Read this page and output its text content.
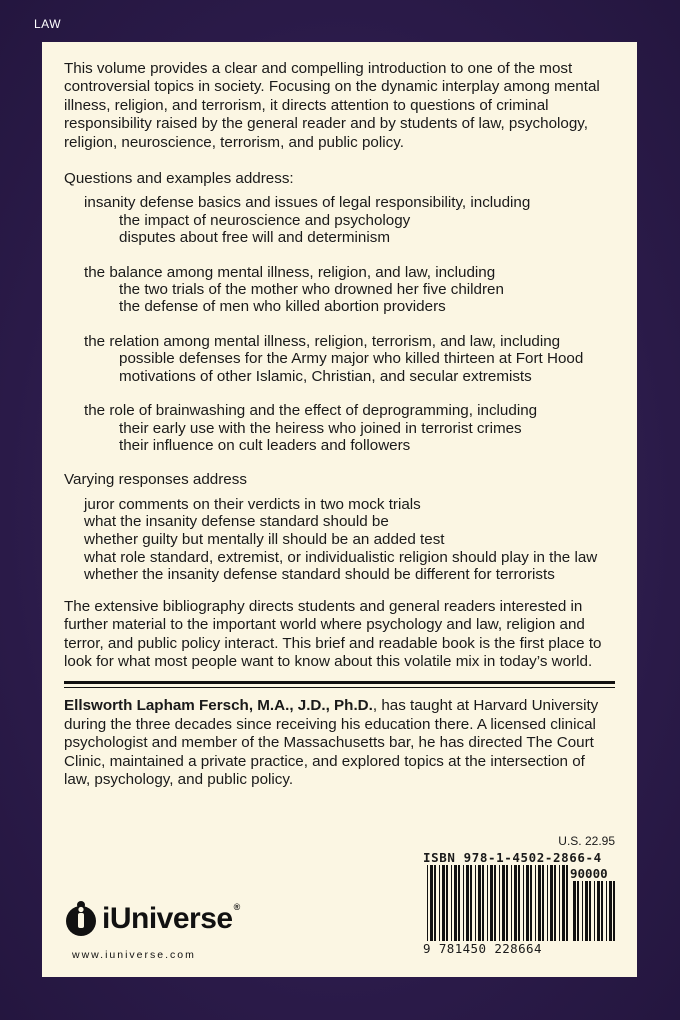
LAW

This volume provides a clear and compelling introduction to one of the most controversial topics in society. Focusing on the dynamic interplay among mental illness, religion, and terrorism, it directs attention to questions of criminal responsibility raised by the general reader and by students of law, psychology, religion, neuroscience, terrorism, and public policy.

Questions and examples address:

insanity defense basics and issues of legal responsibility, including
the impact of neuroscience and psychology
disputes about free will and determinism
the balance among mental illness, religion, and law, including
the two trials of the mother who drowned her five children
the defense of men who killed abortion providers
the relation among mental illness, religion, terrorism, and law, including
possible defenses for the Army major who killed thirteen at Fort Hood
motivations of other Islamic, Christian, and secular extremists
the role of brainwashing and the effect of deprogramming, including
their early use with the heiress who joined in terrorist crimes
their influence on cult leaders and followers

Varying responses address

juror comments on their verdicts in two mock trials
what the insanity defense standard should be
whether guilty but mentally ill should be an added test
what role standard, extremist, or individualistic religion should play in the law
whether the insanity defense standard should be different for terrorists

The extensive bibliography directs students and general readers interested in further material to the important world where psychology and law, religion and terror, and public policy interact. This brief and readable book is the first place to look for what most people want to know about this volatile mix in today’s world.

Ellsworth Lapham Fersch, M.A., J.D., Ph.D., has taught at Harvard University during the three decades since receiving his education there. A licensed clinical psychologist and member of the Massachusetts bar, he has directed The Court Clinic, maintained a private practice, and explored topics at the intersection of law, psychology, and public policy.

U.S. 22.95
ISBN 978-1-4502-2866-4
90000
9 781450 228664
iUniverse®
www.iuniverse.com
